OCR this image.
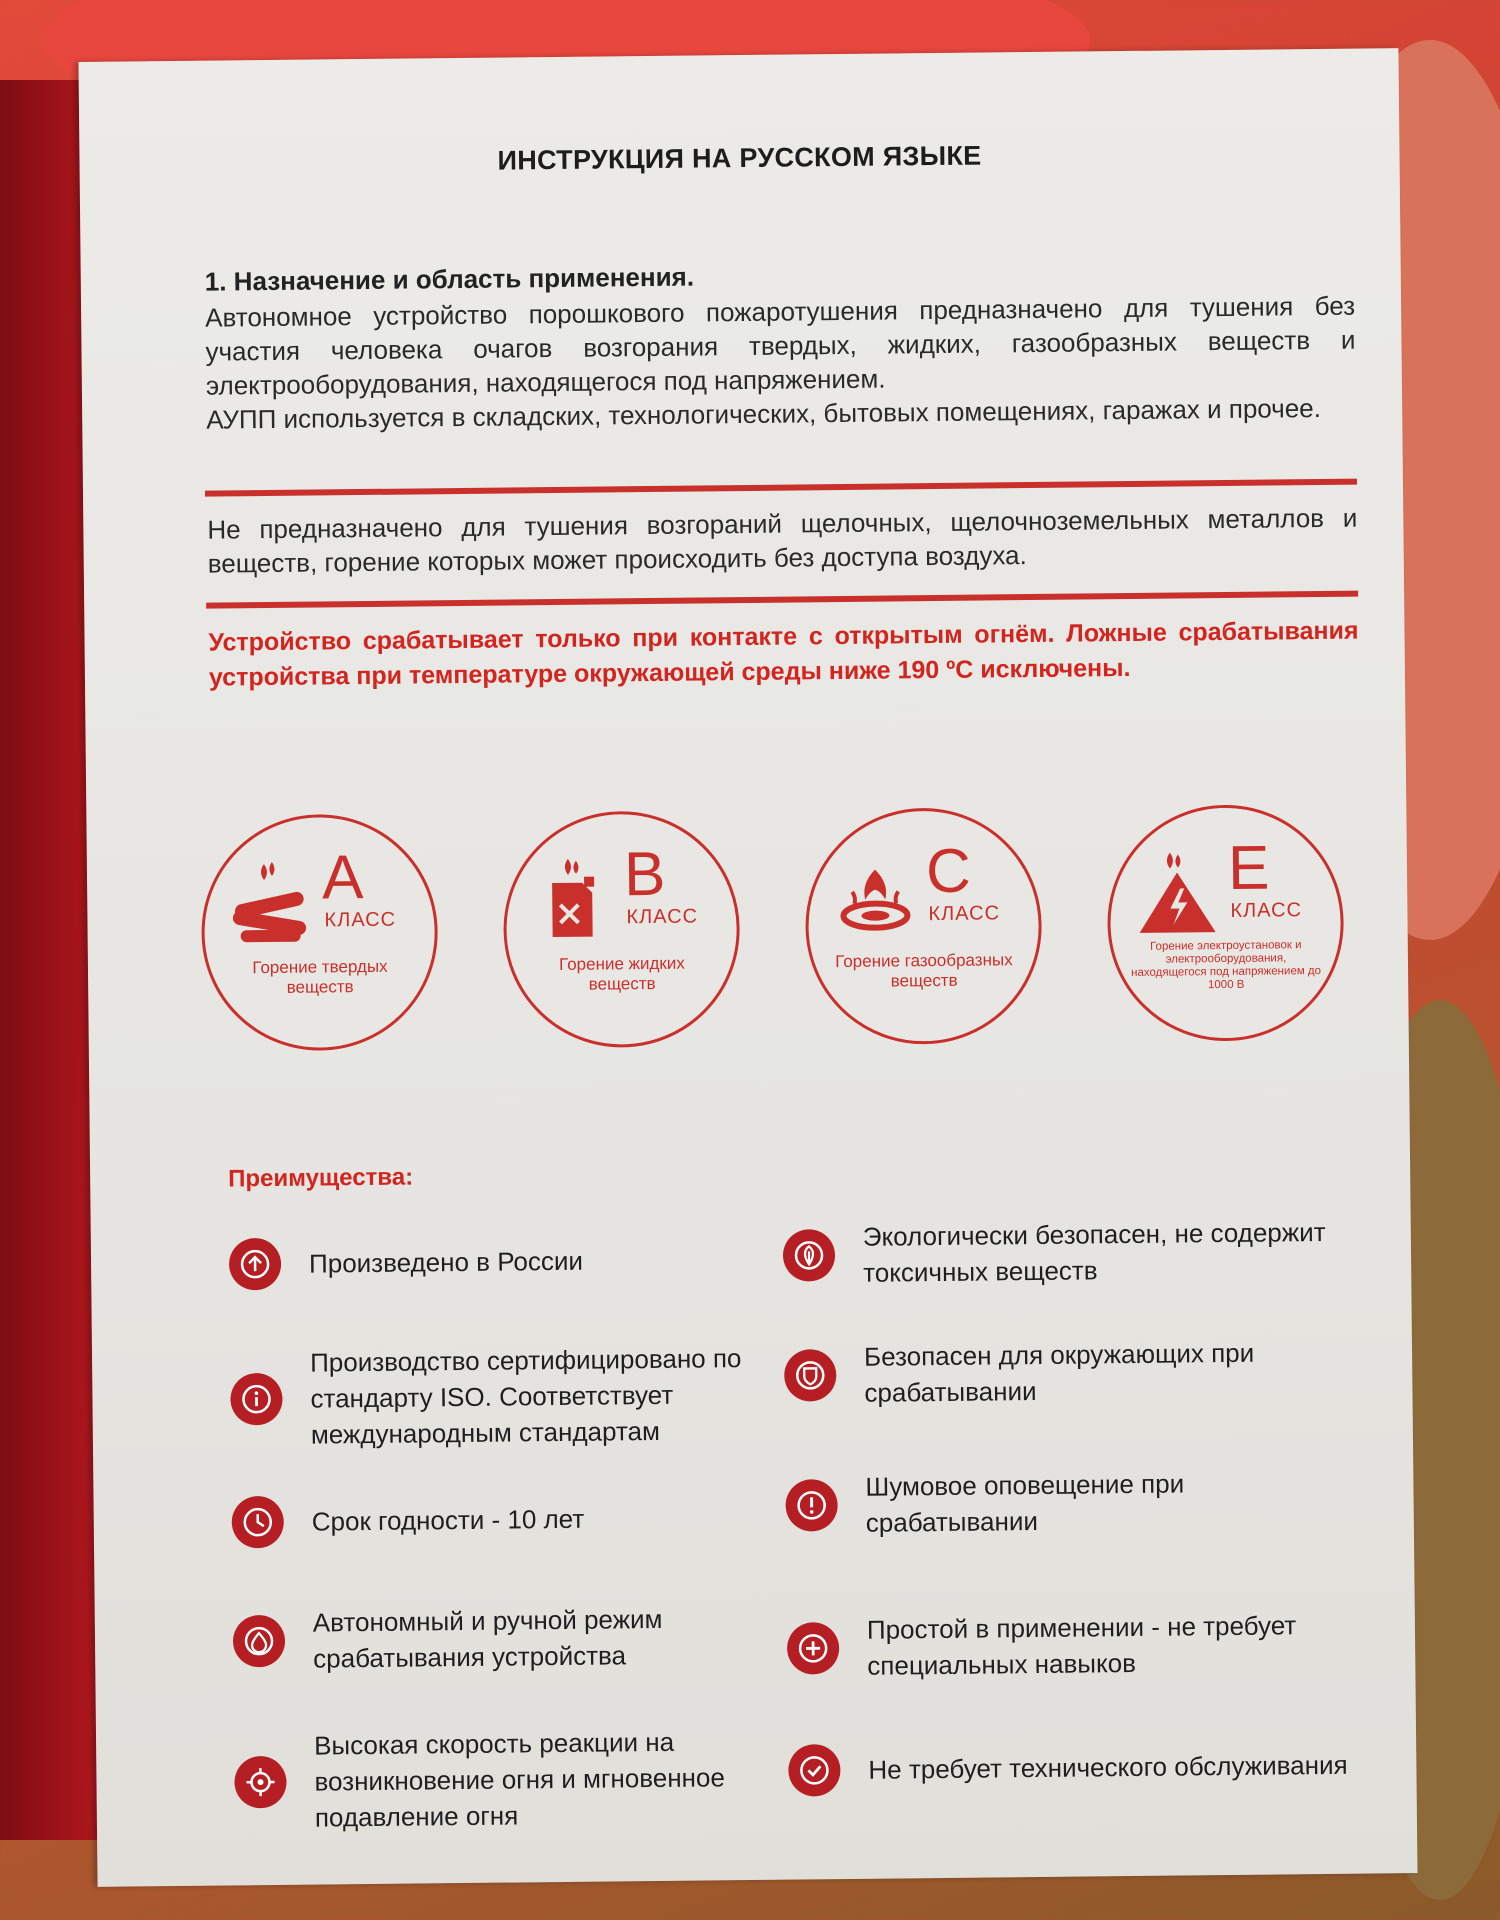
ИНСТРУКЦИЯ НА РУССКОМ ЯЗЫКЕ
1. Назначение и область применения.

Автономное устройство порошкового пожаротушения предназначено для тушения без участия человека очагов возгорания твердых, жидких, газообразных веществ и электрооборудования, находящегося под напряжением.

АУПП используется в складских, технологических, бытовых помещениях, гаражах и прочее.

Не предназначено для тушения возгораний щелочных, щелочноземельных металлов и веществ, горение которых может происходить без доступа воздуха.
Устройство срабатывает только при контакте с открытым огнём. Ложные срабатывания устройства при температуре окружающей среды ниже 190 ºС исключены.
A
КЛАСС
Горение твердых веществ
B
КЛАСС
Горение жидких веществ
C
КЛАСС
Горение газообразных веществ
E
КЛАСС
Горение электроустановок и электрооборудования, находящегося под напряжением до 1000 В
Преимущества:
Произведено в России
Производство сертифицировано по стандарту ISO. Соответствует международным стандартам
Срок годности - 10 лет
Автономный и ручной режим срабатывания устройства
Высокая скорость реакции на возникновение огня и мгновенное подавление огня
Экологически безопасен, не содержит токсичных веществ
Безопасен для окружающих при срабатывании
Шумовое оповещение при срабатывании
Простой в применении - не требует специальных навыков
Не требует технического обслуживания
